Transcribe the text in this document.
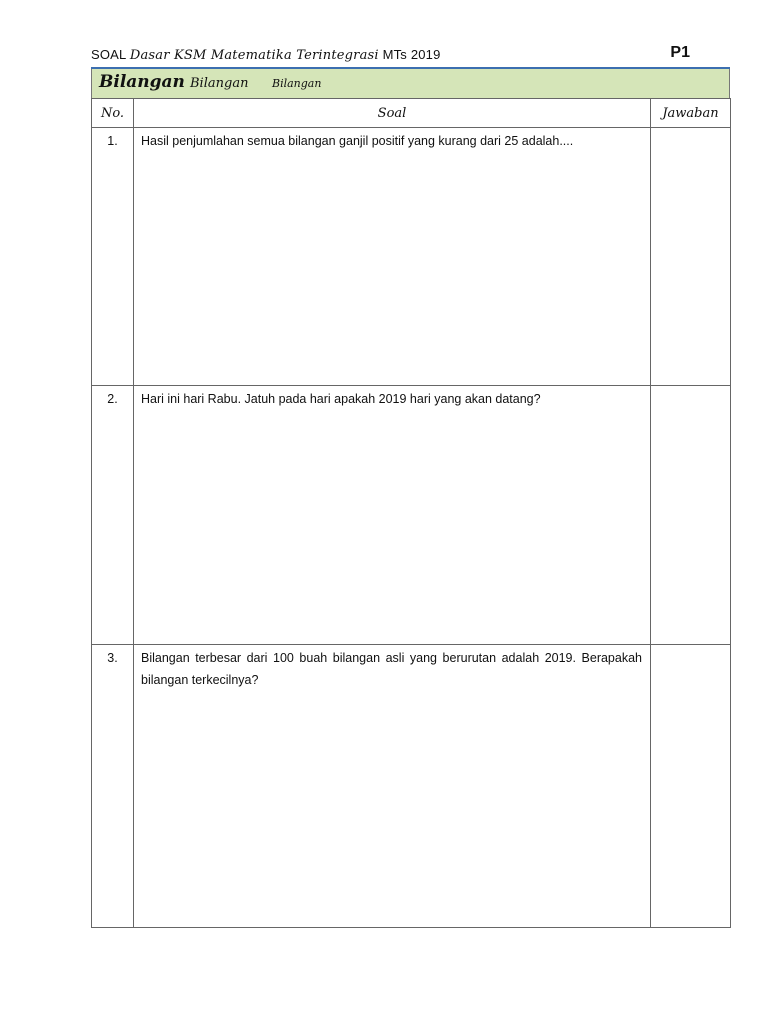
SOAL Dasar KSM Matematika Terintegrasi MTs 2019	P1
Bilangan Bilangan Bilangan
No.	Soal	Jawaban
1.	Hasil penjumlahan semua bilangan ganjil positif yang kurang dari 25 adalah....	
2.	Hari ini hari Rabu. Jatuh pada hari apakah 2019 hari yang akan datang?	
3.	Bilangan terbesar dari 100 buah bilangan asli yang berurutan adalah 2019. Berapakah bilangan terkecilnya?	
